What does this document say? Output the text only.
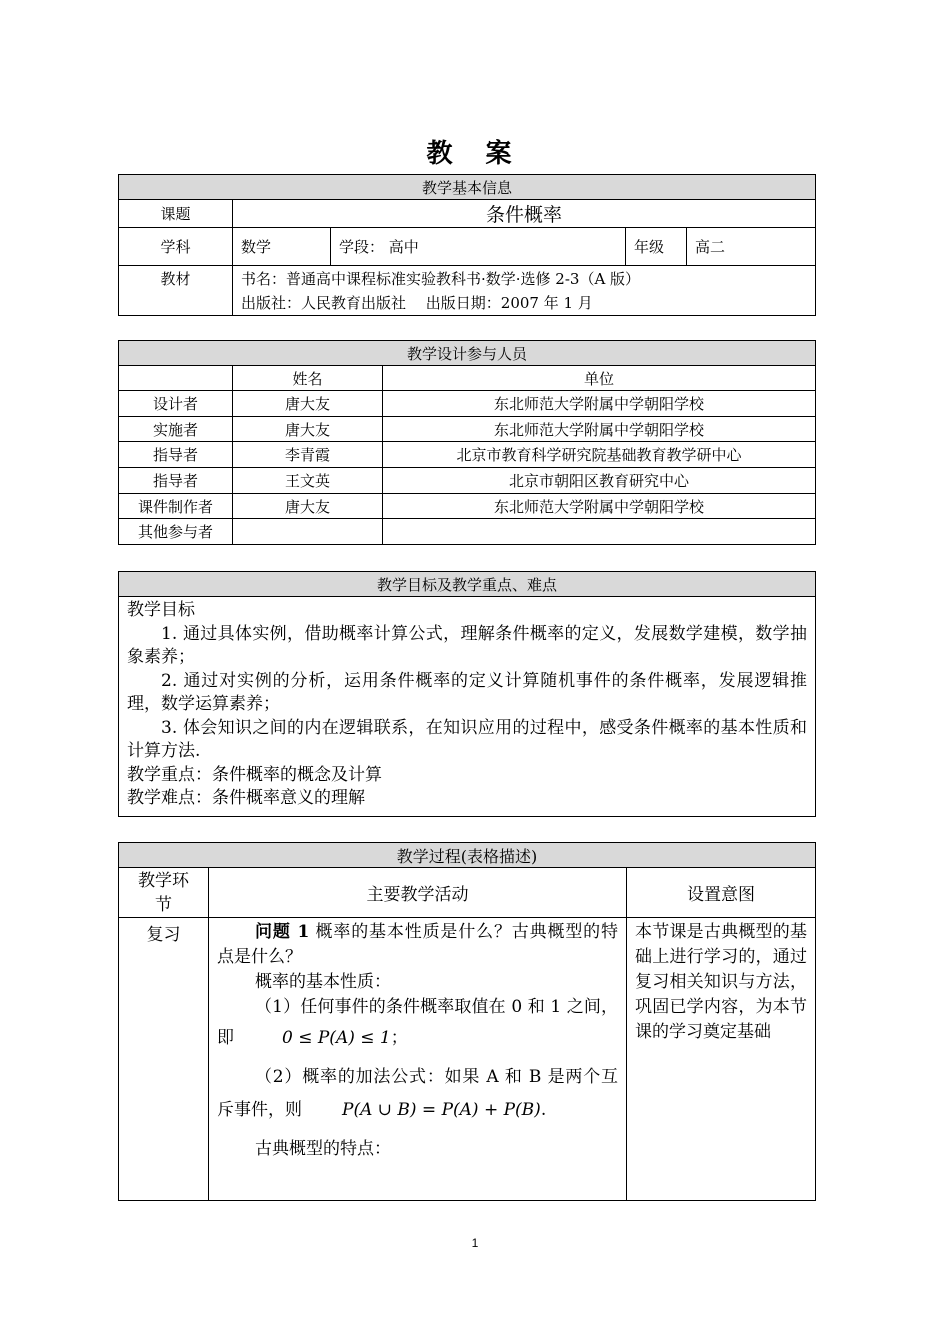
教 案
教学基本信息				
课题	条件概率			
学科	数学	学段： 高中	年级	高二
教材	书名：普通高中课程标准实验教科书·数学·选修 2-3（A 版）
出版社：人民教育出版社　 出版日期：2007 年 1 月			
教学设计参与人员		
	姓名	单位
设计者	唐大友	东北师范大学附属中学朝阳学校
实施者	唐大友	东北师范大学附属中学朝阳学校
指导者	李青霞	北京市教育科学研究院基础教育教学研中心
指导者	王文英	北京市朝阳区教育研究中心
课件制作者	唐大友	东北师范大学附属中学朝阳学校
其他参与者		
教学目标及教学重点、难点

教学目标

1. 通过具体实例，借助概率计算公式，理解条件概率的定义，发展数学建模，数学抽象素养；

2. 通过对实例的分析，运用条件概率的定义计算随机事件的条件概率，发展逻辑推理，数学运算素养；

3. 体会知识之间的内在逻辑联系，在知识应用的过程中，感受条件概率的基本性质和计算方法.

教学重点：条件概率的概念及计算

教学难点：条件概率意义的理解

教学过程(表格描述)		
教学环节	主要教学活动	设置意图
复习	问题 1 概率的基本性质是什么？古典概型的特点是什么？

概率的基本性质：

（1）任何事件的条件概率取值在 0 和 1 之间，即 0 ≤ P(A) ≤ 1；

（2）概率的加法公式：如果 A 和 B 是两个互斥事件，则 P(A ∪ B) = P(A) + P(B).

古典概型的特点：	本节课是古典概型的基础上进行学习的，通过复习相关知识与方法，巩固已学内容，为本节课的学习奠定基础

1
